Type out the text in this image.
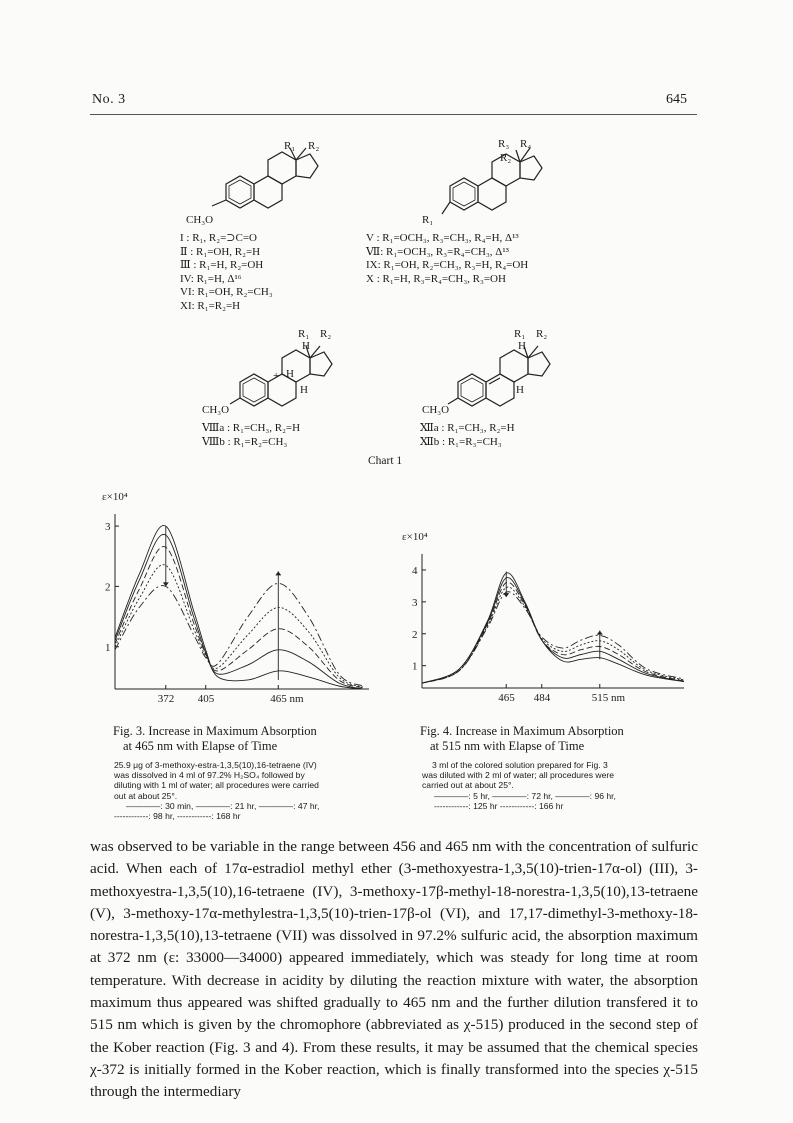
No. 3	645
R₁ R₂
CH₃O
I : R₁, R₂=⊃C=O
Ⅱ : R₁=OH, R₂=H
Ⅲ : R₁=H, R₂=OH
IV: R₁=H, Δ¹⁶
VI: R₁=OH, R₂=CH₃
XI: R₁=R₂=H
R₃ R₄
R₂
R₁
V : R₁=OCH₃, R₃=CH₃, R₄=H, Δ¹³
Ⅶ: R₁=OCH₃, R₃=R₄=CH₃, Δ¹³
IX: R₁=OH, R₂=CH₃, R₃=H, R₄=OH
X : R₁=H, R₃=R₄=CH₃, R₃=OH
R₁ R₂
H
+ H
H
CH₃O
Ⅷa : R₁=CH₃, R₂=H
Ⅷb : R₁=R₂=CH₃
R₁ R₂
H
H
CH₃O
Ⅻa : R₁=CH₃, R₂=H
Ⅻb : R₁=R₃=CH₃
Chart 1
ε×10⁴
1
2
3
372 405	465 nm
Fig. 3. Increase in Maximum Absorption
at 465 nm with Elapse of Time
25.9 μg of 3-methoxy-estra-1,3,5(10),16-tetraene (IV)
was dissolved in 4 ml of 97.2% H₂SO₄ followed by
diluting with 1 ml of water; all procedures were carried
out at about 25°.
————: 30 min, ————: 21 hr, ————: 47 hr,
------------: 98 hr, ------------: 168 hr
ε×10⁴
1
2
3
4
465 484	515 nm
Fig. 4. Increase in Maximum Absorption
at 515 nm with Elapse of Time
3 ml of the colored solution prepared for Fig. 3
was diluted with 2 ml of water; all procedures were
carried out at about 25°.
————: 5 hr, ————: 72 hr, ————: 96 hr,
------------: 125 hr ------------: 166 hr

was observed to be variable in the range between 456 and 465 nm with the concentration of sulfuric acid. When each of 17α-estradiol methyl ether (3-methoxyestra-1,3,5(10)-trien-17α-ol) (III), 3-methoxyestra-1,3,5(10),16-tetraene (IV), 3-methoxy-17β-methyl-18-norestra-1,3,5(10),13-tetraene (V), 3-methoxy-17α-methylestra-1,3,5(10)-trien-17β-ol (VI), and 17,17-dimethyl-3-methoxy-18-norestra-1,3,5(10),13-tetraene (VII) was dissolved in 97.2% sulfuric acid, the absorption maximum at 372 nm (ε: 33000—34000) appeared immediately, which was steady for long time at room temperature. With decrease in acidity by diluting the reaction mixture with water, the absorption maximum thus appeared was shifted gradually to 465 nm and the further dilution transfered it to 515 nm which is given by the chromophore (abbreviated as χ-515) produced in the second step of the Kober reaction (Fig. 3 and 4). From these results, it may be assumed that the chemical species χ-372 is initially formed in the Kober reaction, which is finally transformed into the species χ-515 through the intermediary
